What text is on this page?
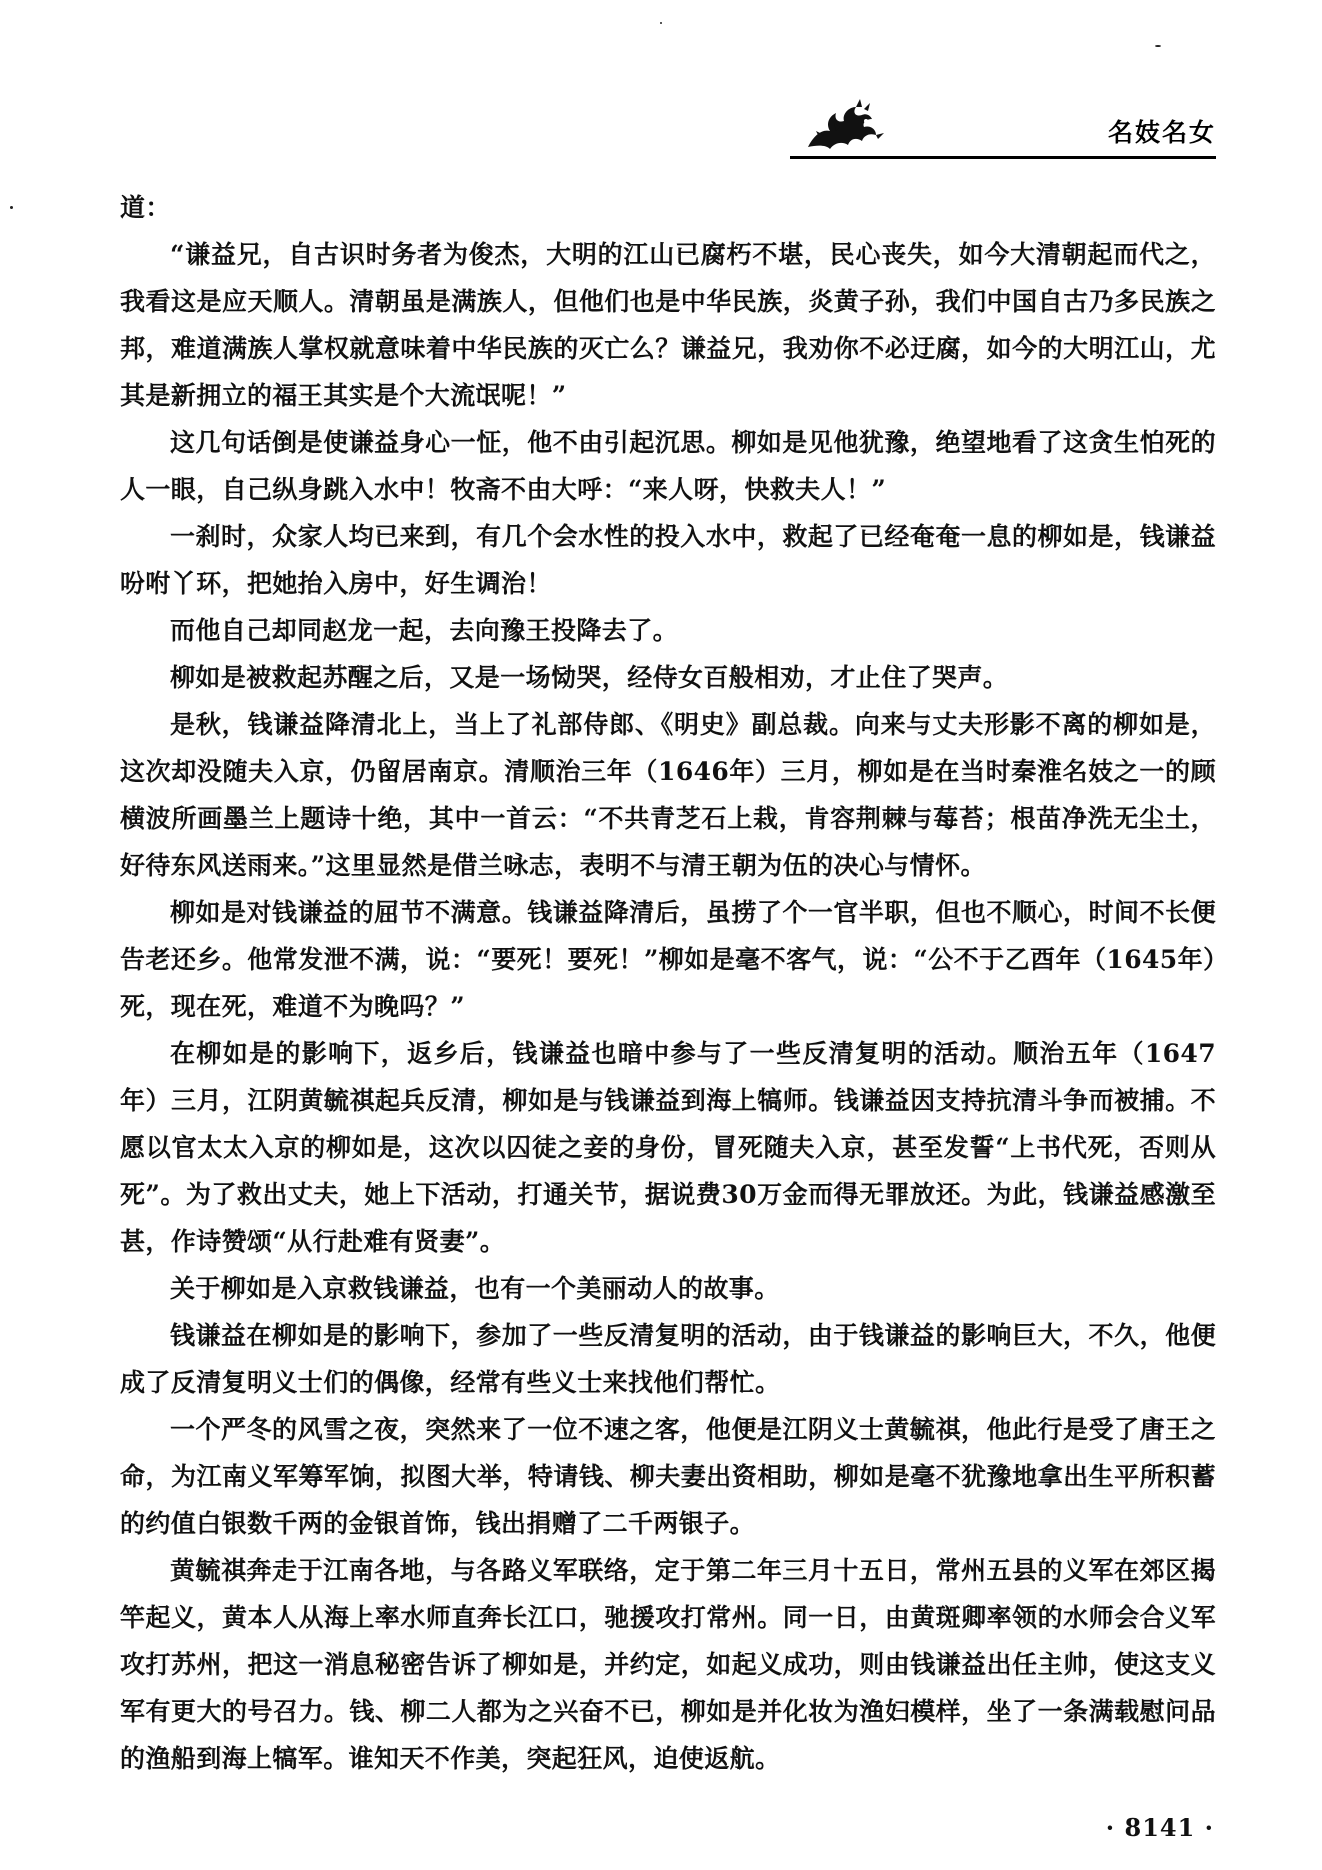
名妓名女

道：

“谦益兄，自古识时务者为俊杰，大明的江山已腐朽不堪，民心丧失，如今大清朝起而代之，我看这是应天顺人。清朝虽是满族人，但他们也是中华民族，炎黄子孙，我们中国自古乃多民族之邦，难道满族人掌权就意味着中华民族的灭亡么？谦益兄，我劝你不必迂腐，如今的大明江山，尤其是新拥立的福王其实是个大流氓呢！”

这几句话倒是使谦益身心一怔，他不由引起沉思。柳如是见他犹豫，绝望地看了这贪生怕死的人一眼，自己纵身跳入水中！牧斋不由大呼：“来人呀，快救夫人！”

一刹时，众家人均已来到，有几个会水性的投入水中，救起了已经奄奄一息的柳如是，钱谦益吩咐丫环，把她抬入房中，好生调治！

而他自己却同赵龙一起，去向豫王投降去了。

柳如是被救起苏醒之后，又是一场恸哭，经侍女百般相劝，才止住了哭声。

是秋，钱谦益降清北上，当上了礼部侍郎、《明史》副总裁。向来与丈夫形影不离的柳如是，这次却没随夫入京，仍留居南京。清顺治三年（1646年）三月，柳如是在当时秦淮名妓之一的顾横波所画墨兰上题诗十绝，其中一首云：“不共青芝石上栽，肯容荆棘与莓苔；根苗净洗无尘土，好待东风送雨来。”这里显然是借兰咏志，表明不与清王朝为伍的决心与情怀。

柳如是对钱谦益的屈节不满意。钱谦益降清后，虽捞了个一官半职，但也不顺心，时间不长便告老还乡。他常发泄不满，说：“要死！要死！”柳如是毫不客气，说：“公不于乙酉年（1645年）死，现在死，难道不为晚吗？”

在柳如是的影响下，返乡后，钱谦益也暗中参与了一些反清复明的活动。顺治五年（1647年）三月，江阴黄毓祺起兵反清，柳如是与钱谦益到海上犒师。钱谦益因支持抗清斗争而被捕。不愿以官太太入京的柳如是，这次以囚徒之妾的身份，冒死随夫入京，甚至发誓“上书代死，否则从死”。为了救出丈夫，她上下活动，打通关节，据说费30万金而得无罪放还。为此，钱谦益感激至甚，作诗赞颂“从行赴难有贤妻”。

关于柳如是入京救钱谦益，也有一个美丽动人的故事。

钱谦益在柳如是的影响下，参加了一些反清复明的活动，由于钱谦益的影响巨大，不久，他便成了反清复明义士们的偶像，经常有些义士来找他们帮忙。

一个严冬的风雪之夜，突然来了一位不速之客，他便是江阴义士黄毓祺，他此行是受了唐王之命，为江南义军筹军饷，拟图大举，特请钱、柳夫妻出资相助，柳如是毫不犹豫地拿出生平所积蓄的约值白银数千两的金银首饰，钱出捐赠了二千两银子。

黄毓祺奔走于江南各地，与各路义军联络，定于第二年三月十五日，常州五县的义军在郊区揭竿起义，黄本人从海上率水师直奔长江口，驰援攻打常州。同一日，由黄斑卿率领的水师会合义军攻打苏州，把这一消息秘密告诉了柳如是，并约定，如起义成功，则由钱谦益出任主帅，使这支义军有更大的号召力。钱、柳二人都为之兴奋不已，柳如是并化妆为渔妇模样，坐了一条满载慰问品的渔船到海上犒军。谁知天不作美，突起狂风，迫使返航。

· 8141 ·
